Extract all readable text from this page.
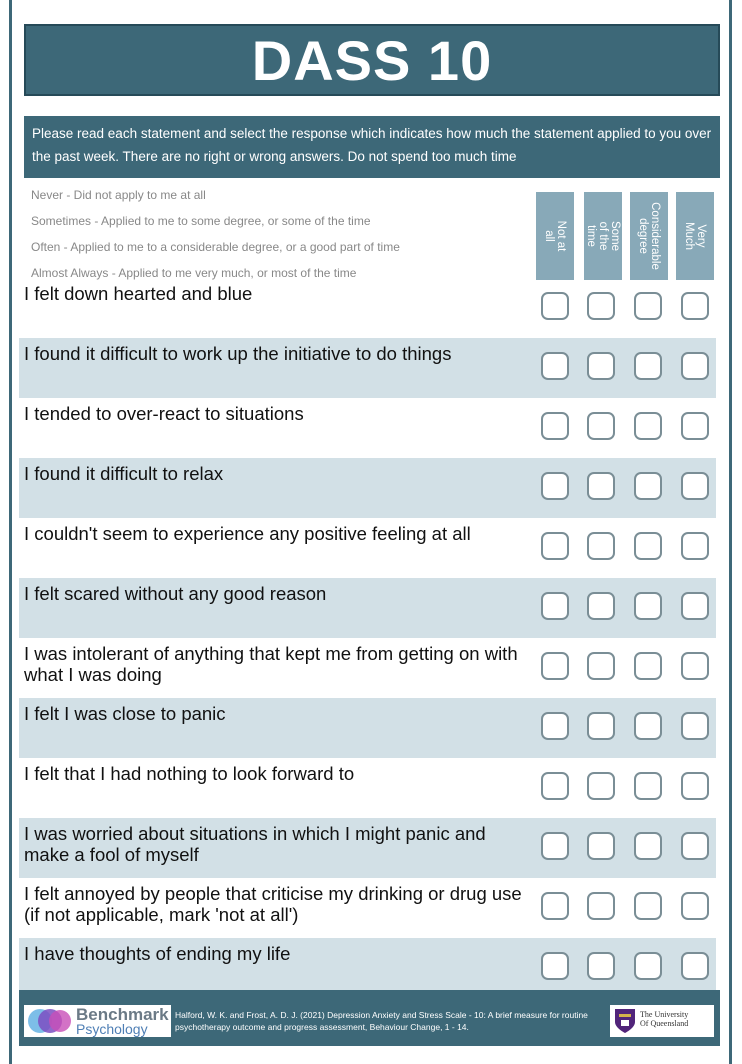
DASS 10
Please read each statement and select the response which indicates how much the statement applied to you over the past week. There are no right or wrong answers. Do not spend too much time
Never - Did not apply to me at all
Sometimes - Applied to me to some degree, or some of the time
Often - Applied to me to a considerable degree, or a good part of time
Almost Always - Applied to me very much, or most of the time
Not at all	Some of the time	Considerable degree	Very Much
I felt down hearted and blue
I found it difficult to work up the initiative to do things
I tended to over-react to situations
I found it difficult to relax
I couldn't seem to experience any positive feeling at all
I felt scared without any good reason
I was intolerant of anything that kept me from getting on with what I was doing
I felt I was close to panic
I felt that I had nothing to look forward to
I was worried about situations in which I might panic and make a fool of myself
I felt annoyed by people that criticise my drinking or drug use (if not applicable, mark 'not at all')
I have thoughts of ending my life
Benchmark
Psychology
Halford, W. K. and Frost, A. D. J. (2021) Depression Anxiety and Stress Scale - 10: A brief measure for routine psychotherapy outcome and progress assessment, Behaviour Change, 1 - 14.
The University
Of Queensland
